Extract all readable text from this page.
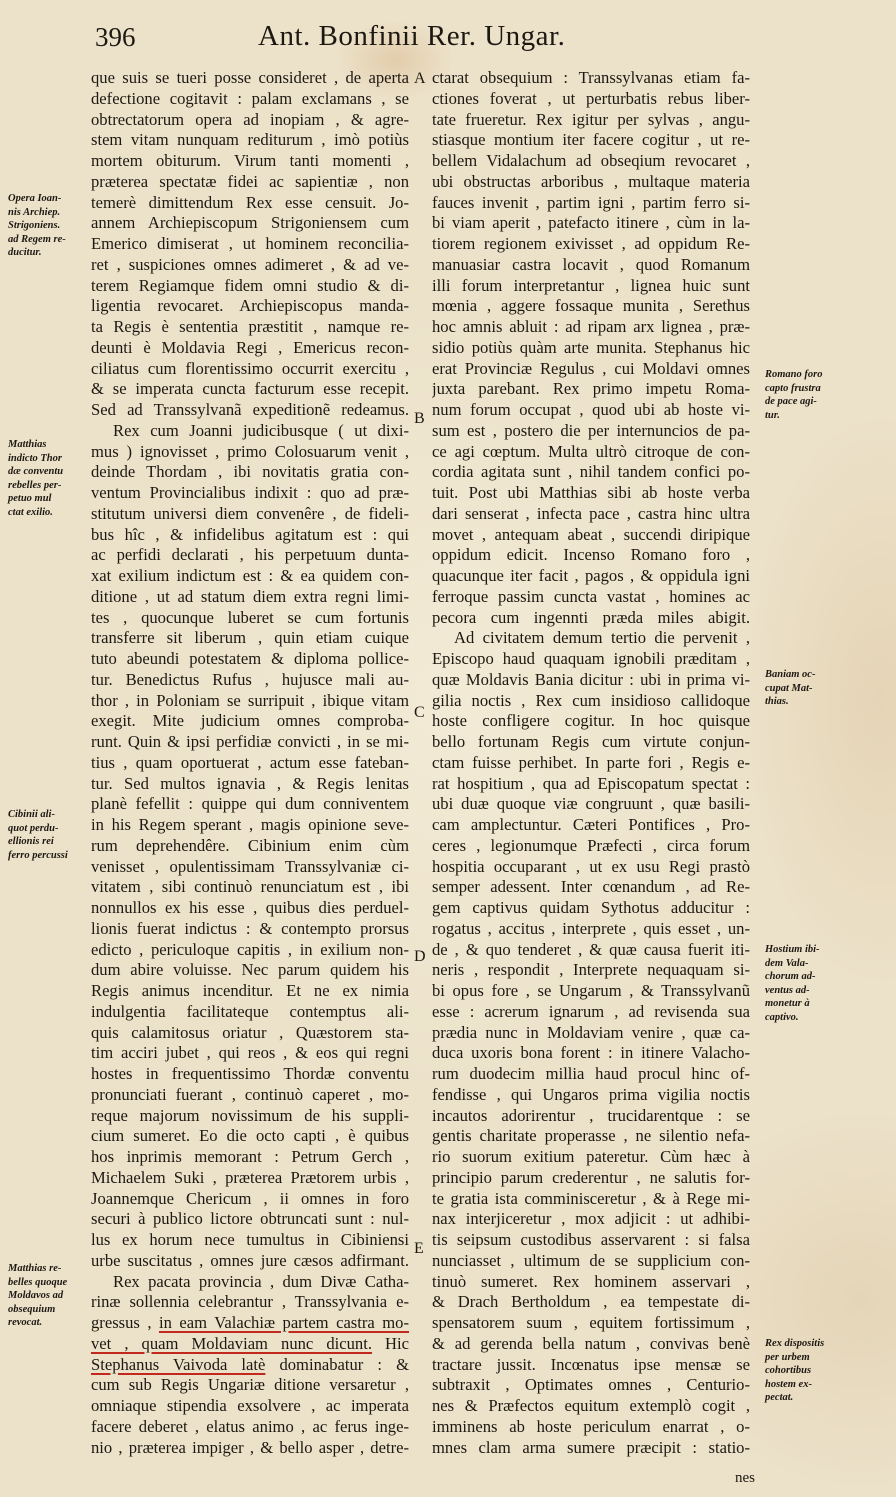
396	Ant. Bonfinii Rer. Ungar.
que suis se tueri posse consideret , de aperta
defectione cogitavit : palam exclamans , se
obtrectatorum opera ad inopiam , & agre-
stem vitam nunquam rediturum , imò potiùs
mortem obiturum. Virum tanti momenti ,
præterea spectatæ fidei ac sapientiæ , non
temerè dimittendum Rex esse censuit. Jo-
annem Archiepiscopum Strigoniensem cum
Emerico dimiserat , ut hominem reconcilia-
ret , suspiciones omnes adimeret , & ad ve-
terem Regiamque fidem omni studio & di-
ligentia revocaret. Archiepiscopus manda-
ta Regis è sententia præstitit , namque re-
deunti è Moldavia Regi , Emericus recon-
ciliatus cum florentissimo occurrit exercitu ,
& se imperata cuncta facturum esse recepit.
Sed ad Transsylvanã expeditionẽ redeamus.
Rex cum Joanni judicibusque ( ut dixi-
mus ) ignovisset , primo Colosuarum venit ,
deinde Thordam , ibi novitatis gratia con-
ventum Provincialibus indixit : quo ad præ-
stitutum universi diem convenêre , de fideli-
bus hîc , & infidelibus agitatum est : qui
ac perfidi declarati , his perpetuum dunta-
xat exilium indictum est : & ea quidem con-
ditione , ut ad statum diem extra regni limi-
tes , quocunque luberet se cum fortunis
transferre sit liberum , quin etiam cuique
tuto abeundi potestatem & diploma pollice-
tur. Benedictus Rufus , hujusce mali au-
thor , in Poloniam se surripuit , ibique vitam
exegit. Mite judicium omnes comproba-
runt. Quin & ipsi perfidiæ convicti , in se mi-
tius , quam oportuerat , actum esse fateban-
tur. Sed multos ignavia , & Regis lenitas
planè fefellit : quippe qui dum conniventem
in his Regem sperant , magis opinione seve-
rum deprehendêre. Cibinium enim cùm
venisset , opulentissimam Transsylvaniæ ci-
vitatem , sibi continuò renunciatum est , ibi
nonnullos ex his esse , quibus dies perduel-
lionis fuerat indictus : & contempto prorsus
edicto , periculoque capitis , in exilium non-
dum abire voluisse. Nec parum quidem his
Regis animus incenditur. Et ne ex nimia
indulgentia facilitateque contemptus ali-
quis calamitosus oriatur , Quæstorem sta-
tim acciri jubet , qui reos , & eos qui regni
hostes in frequentissimo Thordæ conventu
pronunciati fuerant , continuò caperet , mo-
reque majorum novissimum de his suppli-
cium sumeret. Eo die octo capti , è quibus
hos inprimis memorant : Petrum Gerch ,
Michaelem Suki , præterea Prætorem urbis ,
Joannemque Chericum , ii omnes in foro
securi à publico lictore obtruncati sunt : nul-
lus ex horum nece tumultus in Cibiniensi
urbe suscitatus , omnes jure cæsos adfirmant.
Rex pacata provincia , dum Divæ Catha-
rinæ sollennia celebrantur , Transsylvania e-
gressus , in eam Valachiæ partem castra mo-
vet , quam Moldaviam nunc dicunt. Hic
Stephanus Vaivoda latè dominabatur : &
cum sub Regis Ungariæ ditione versaretur ,
omniaque stipendia exsolvere , ac imperata
facere deberet , elatus animo , ac ferus inge-
nio , præterea impiger , & bello asper , detre-
ctarat obsequium : Transsylvanas etiam fa-
ctiones foverat , ut perturbatis rebus liber-
tate frueretur. Rex igitur per sylvas , angu-
stiasque montium iter facere cogitur , ut re-
bellem Vidalachum ad obseqium revocaret ,
ubi obstructas arboribus , multaque materia
fauces invenit , partim igni , partim ferro si-
bi viam aperit , patefacto itinere , cùm in la-
tiorem regionem exivisset , ad oppidum Re-
manuasiar castra locavit , quod Romanum
illi forum interpretantur , lignea huic sunt
mœnia , aggere fossaque munita , Serethus
hoc amnis abluit : ad ripam arx lignea , præ-
sidio potiùs quàm arte munita. Stephanus hic
erat Provinciæ Regulus , cui Moldavi omnes
juxta parebant. Rex primo impetu Roma-
num forum occupat , quod ubi ab hoste vi-
sum est , postero die per internuncios de pa-
ce agi cœptum. Multa ultrò citroque de con-
cordia agitata sunt , nihil tandem confici po-
tuit. Post ubi Matthias sibi ab hoste verba
dari senserat , infecta pace , castra hinc ultra
movet , antequam abeat , succendi diripique
oppidum edicit. Incenso Romano foro ,
quacunque iter facit , pagos , & oppidula igni
ferroque passim cuncta vastat , homines ac
pecora cum ingennti præda miles abigit.
Ad civitatem demum tertio die pervenit ,
Episcopo haud quaquam ignobili præditam ,
quæ Moldavis Bania dicitur : ubi in prima vi-
gilia noctis , Rex cum insidioso callidoque
hoste confligere cogitur. In hoc quisque
bello fortunam Regis cum virtute conjun-
ctam fuisse perhibet. In parte fori , Regis e-
rat hospitium , qua ad Episcopatum spectat :
ubi duæ quoque viæ congruunt , quæ basili-
cam amplectuntur. Cæteri Pontifices , Pro-
ceres , legionumque Præfecti , circa forum
hospitia occuparant , ut ex usu Regi prastò
semper adessent. Inter cœnandum , ad Re-
gem captivus quidam Sythotus adducitur :
rogatus , accitus , interprete , quis esset , un-
de , & quo tenderet , & quæ causa fuerit iti-
neris , respondit , Interprete nequaquam si-
bi opus fore , se Ungarum , & Transsylvanũ
esse : acrerum ignarum , ad revisenda sua
prædia nunc in Moldaviam venire , quæ ca-
duca uxoris bona forent : in itinere Valacho-
rum duodecim millia haud procul hinc of-
fendisse , qui Ungaros prima vigilia noctis
incautos adorirentur , trucidarentque : se
gentis charitate properasse , ne silentio nefa-
rio suorum exitium pateretur. Cùm hæc à
principio parum crederentur , ne salutis for-
te gratia ista comminisceretur , & à Rege mi-
nax interjiceretur , mox adjicit : ut adhibi-
tis seipsum custodibus asservarent : si falsa
nunciasset , ultimum de se supplicium con-
tinuò sumeret. Rex hominem asservari ,
& Drach Bertholdum , ea tempestate di-
spensatorem suum , equitem fortissimum ,
& ad gerenda bella natum , convivas benè
tractare jussit. Incœnatus ipse mensæ se
subtraxit , Optimates omnes , Centurio-
nes & Præfectos equitum extemplò cogit ,
imminens ab hoste periculum enarrat , o-
mnes clam arma sumere præcipit : statio-
A
B
C
D
E
Opera Ioan-
nis Archiep.
Strigoniens.
ad Regem re-
ducitur.
Matthias
indicto Thor
dæ conventu
rebelles per-
petuo mul
ctat exilio.
Cibinii ali-
quot perdu-
ellionis rei
ferro percussi
Matthias re-
belles quoque
Moldavos ad
obsequium
revocat.
Romano foro
capto frustra
de pace agi-
tur.
Baniam oc-
cupat Mat-
thias.
Hostium ibi-
dem Vala-
chorum ad-
ventus ad-
monetur à
captivo.
Rex dispositis
per urbem
cohortibus
hostem ex-
pectat.
nes
